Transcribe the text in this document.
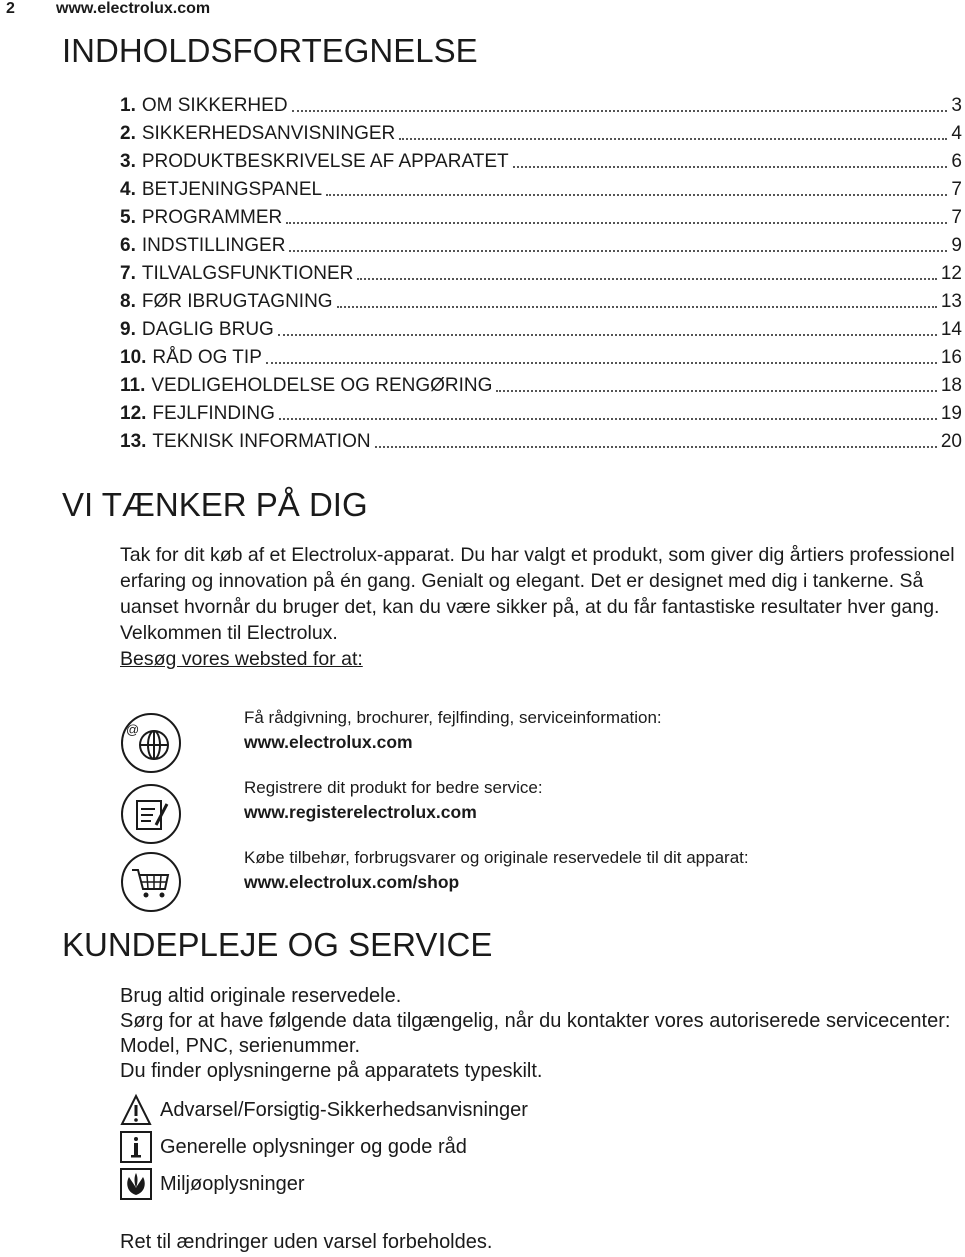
2	www.electrolux.com
INDHOLDSFORTEGNELSE
1. OM SIKKERHED	3
2. SIKKERHEDSANVISNINGER	4
3. PRODUKTBESKRIVELSE AF APPARATET	6
4. BETJENINGSPANEL	7
5. PROGRAMMER	7
6. INDSTILLINGER	9
7. TILVALGSFUNKTIONER	12
8. FØR IBRUGTAGNING	13
9. DAGLIG BRUG	14
10. RÅD OG TIP	16
11. VEDLIGEHOLDELSE OG RENGØRING	18
12. FEJLFINDING	19
13. TEKNISK INFORMATION	20
VI TÆNKER PÅ DIG

Tak for dit køb af et Electrolux-apparat. Du har valgt et produkt, som giver dig årtiers professionel erfaring og innovation på én gang. Genialt og elegant. Det er designet med dig i tankerne. Så uanset hvornår du bruger det, kan du være sikker på, at du får fantastiske resultater hver gang.

Velkommen til Electrolux.

Besøg vores websted for at:

@
Få rådgivning, brochurer, fejlfinding, serviceinformation:
www.electrolux.com
Registrere dit produkt for bedre service:
www.registerelectrolux.com
Købe tilbehør, forbrugsvarer og originale reservedele til dit apparat:
www.electrolux.com/shop
KUNDEPLEJE OG SERVICE

Brug altid originale reservedele.

Sørg for at have følgende data tilgængelig, når du kontakter vores autoriserede servicecenter: Model, PNC, serienummer.

Du finder oplysningerne på apparatets typeskilt.

Advarsel/Forsigtig-Sikkerhedsanvisninger
Generelle oplysninger og gode råd
Miljøoplysninger
Ret til ændringer uden varsel forbeholdes.
